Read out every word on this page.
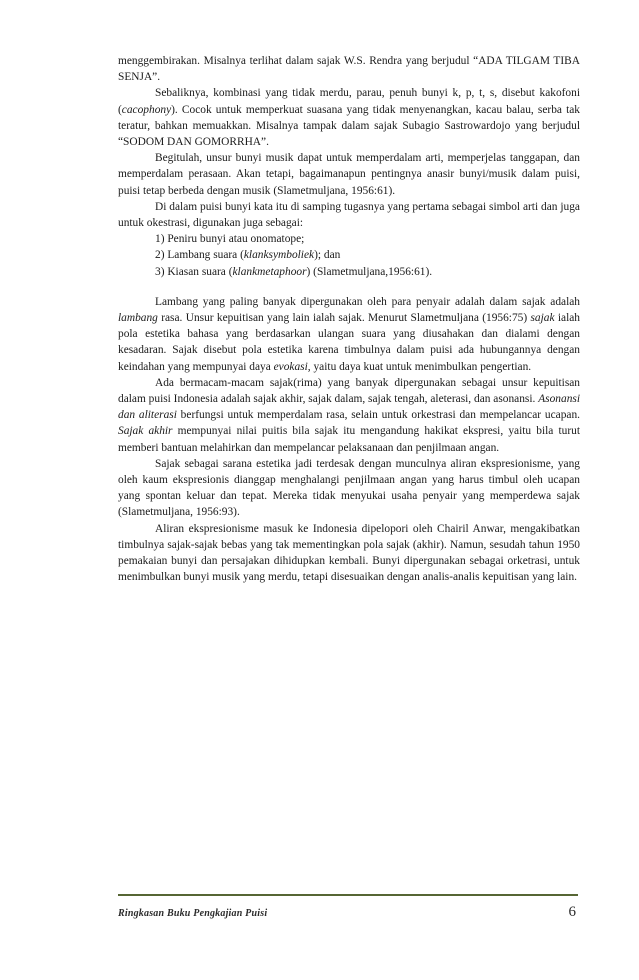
menggembirakan. Misalnya terlihat dalam sajak W.S. Rendra yang berjudul “ADA TILGAM TIBA SENJA”.

Sebaliknya, kombinasi yang tidak merdu, parau, penuh bunyi k, p, t, s, disebut kakofoni (cacophony). Cocok untuk memperkuat suasana yang tidak menyenangkan, kacau balau, serba tak teratur, bahkan memuakkan. Misalnya tampak dalam sajak Subagio Sastrowardojo yang berjudul “SODOM DAN GOMORRHA”.

Begitulah, unsur bunyi musik dapat untuk memperdalam arti, memperjelas tanggapan, dan memperdalam perasaan. Akan tetapi, bagaimanapun pentingnya anasir bunyi/musik dalam puisi, puisi tetap berbeda dengan musik (Slametmuljana, 1956:61).

Di dalam puisi bunyi kata itu di samping tugasnya yang pertama sebagai simbol arti dan juga untuk okestrasi, digunakan juga sebagai:

1) Peniru bunyi atau onomatope;
2) Lambang suara (klanksymboliek); dan
3) Kiasan suara (klankmetaphoor) (Slametmuljana,1956:61).

Lambang yang paling banyak dipergunakan oleh para penyair adalah dalam sajak adalah lambang rasa. Unsur kepuitisan yang lain ialah sajak. Menurut Slametmuljana (1956:75) sajak ialah pola estetika bahasa yang berdasarkan ulangan suara yang diusahakan dan dialami dengan kesadaran. Sajak disebut pola estetika karena timbulnya dalam puisi ada hubungannya dengan keindahan yang mempunyai daya evokasi, yaitu daya kuat untuk menimbulkan pengertian.

Ada bermacam-macam sajak(rima) yang banyak dipergunakan sebagai unsur kepuitisan dalam puisi Indonesia adalah sajak akhir, sajak dalam, sajak tengah, aleterasi, dan asonansi. Asonansi dan aliterasi berfungsi untuk memperdalam rasa, selain untuk orkestrasi dan mempelancar ucapan. Sajak akhir mempunyai nilai puitis bila sajak itu mengandung hakikat ekspresi, yaitu bila turut memberi bantuan melahirkan dan mempelancar pelaksanaan dan penjilmaan angan.

Sajak sebagai sarana estetika jadi terdesak dengan munculnya aliran ekspresionisme, yang oleh kaum ekspresionis dianggap menghalangi penjilmaan angan yang harus timbul oleh ucapan yang spontan keluar dan tepat. Mereka tidak menyukai usaha penyair yang memperdewa sajak (Slametmuljana, 1956:93).

Aliran ekspresionisme masuk ke Indonesia dipelopori oleh Chairil Anwar, mengakibatkan timbulnya sajak-sajak bebas yang tak mementingkan pola sajak (akhir). Namun, sesudah tahun 1950 pemakaian bunyi dan persajakan dihidupkan kembali. Bunyi dipergunakan sebagai orketrasi, untuk menimbulkan bunyi musik yang merdu, tetapi disesuaikan dengan analis-analis kepuitisan yang lain.

Ringkasan Buku Pengkajian Puisi	6
